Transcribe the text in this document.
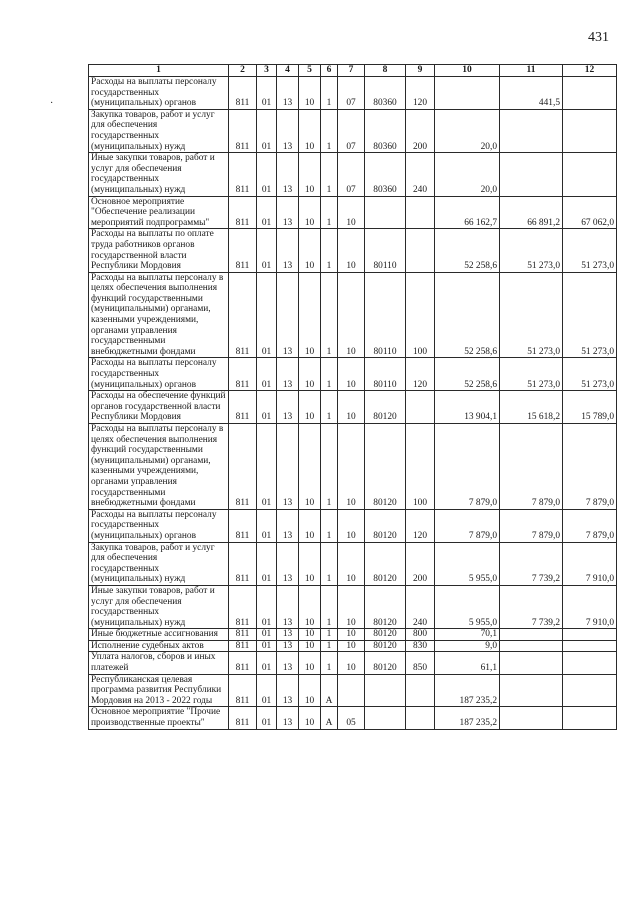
431
·
1	2	3	4	5	6	7	8	9	10	11	12
Расходы на выплаты персоналу государственных (муниципальных) органов	811	01	13	10	1	07	80360	120		441,5	
Закупка товаров, работ и услуг для обеспечения государственных (муниципальных) нужд	811	01	13	10	1	07	80360	200	20,0		
Иные закупки товаров, работ и услуг для обеспечения государственных (муниципальных) нужд	811	01	13	10	1	07	80360	240	20,0		
Основное мероприятие "Обеспечение реализации мероприятий подпрограммы"	811	01	13	10	1	10			66 162,7	66 891,2	67 062,0
Расходы на выплаты по оплате труда работников органов государственной власти Республики Мордовия	811	01	13	10	1	10	80110		52 258,6	51 273,0	51 273,0
Расходы на выплаты персоналу в целях обеспечения выполнения функций государственными (муниципальными) органами, казенными учреждениями, органами управления государственными внебюджетными фондами	811	01	13	10	1	10	80110	100	52 258,6	51 273,0	51 273,0
Расходы на выплаты персоналу государственных (муниципальных) органов	811	01	13	10	1	10	80110	120	52 258,6	51 273,0	51 273,0
Расходы на обеспечение функций органов государственной власти Республики Мордовия	811	01	13	10	1	10	80120		13 904,1	15 618,2	15 789,0
Расходы на выплаты персоналу в целях обеспечения выполнения функций государственными (муниципальными) органами, казенными учреждениями, органами управления государственными внебюджетными фондами	811	01	13	10	1	10	80120	100	7 879,0	7 879,0	7 879,0
Расходы на выплаты персоналу государственных (муниципальных) органов	811	01	13	10	1	10	80120	120	7 879,0	7 879,0	7 879,0
Закупка товаров, работ и услуг для обеспечения государственных (муниципальных) нужд	811	01	13	10	1	10	80120	200	5 955,0	7 739,2	7 910,0
Иные закупки товаров, работ и услуг для обеспечения государственных (муниципальных) нужд	811	01	13	10	1	10	80120	240	5 955,0	7 739,2	7 910,0
Иные бюджетные ассигнования	811	01	13	10	1	10	80120	800	70,1		
Исполнение судебных актов	811	01	13	10	1	10	80120	830	9,0		
Уплата налогов, сборов и иных платежей	811	01	13	10	1	10	80120	850	61,1		
Республиканская целевая программа развития Республики Мордовия на 2013 - 2022 годы	811	01	13	10	А				187 235,2		
Основное мероприятие "Прочие производственные проекты"	811	01	13	10	А	05			187 235,2		
